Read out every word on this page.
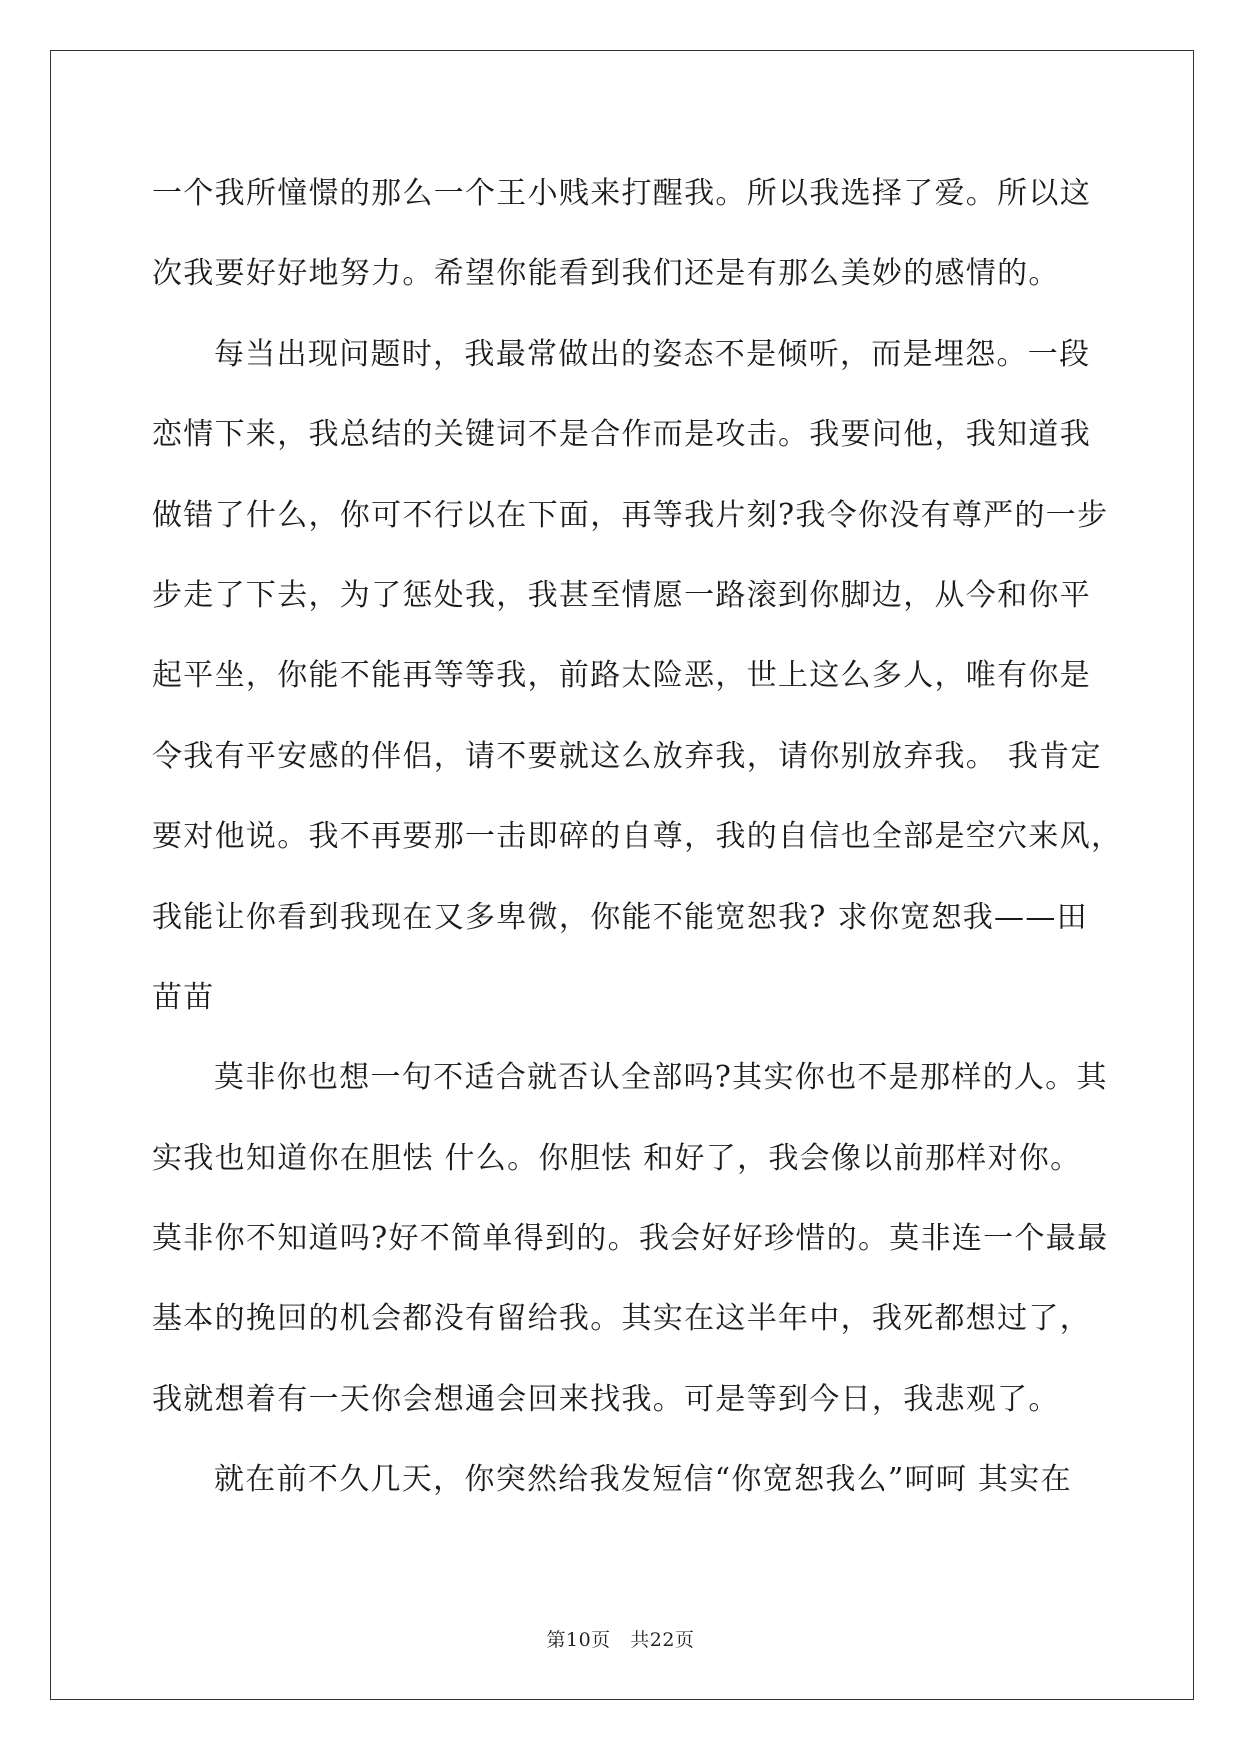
一个我所憧憬的那么一个王小贱来打醒我。所以我选择了爱。所以这
次我要好好地努力。希望你能看到我们还是有那么美妙的感情的。
每当出现问题时，我最常做出的姿态不是倾听，而是埋怨。一段
恋情下来，我总结的关键词不是合作而是攻击。我要问他，我知道我
做错了什么，你可不行以在下面，再等我片刻?我令你没有尊严的一步
步走了下去，为了惩处我，我甚至情愿一路滚到你脚边，从今和你平
起平坐，你能不能再等等我，前路太险恶，世上这么多人，唯有你是
令我有平安感的伴侣，请不要就这么放弃我，请你别放弃我。 我肯定
要对他说。我不再要那一击即碎的自尊，我的自信也全部是空穴来风，
我能让你看到我现在又多卑微，你能不能宽恕我? 求你宽恕我——田
苗苗
莫非你也想一句不适合就否认全部吗?其实你也不是那样的人。其
实我也知道你在胆怯 什么。你胆怯 和好了，我会像以前那样对你。
莫非你不知道吗?好不简单得到的。我会好好珍惜的。莫非连一个最最
基本的挽回的机会都没有留给我。其实在这半年中，我死都想过了，
我就想着有一天你会想通会回来找我。可是等到今日，我悲观了。
就在前不久几天，你突然给我发短信“你宽恕我么”呵呵 其实在
第10页   共22页
